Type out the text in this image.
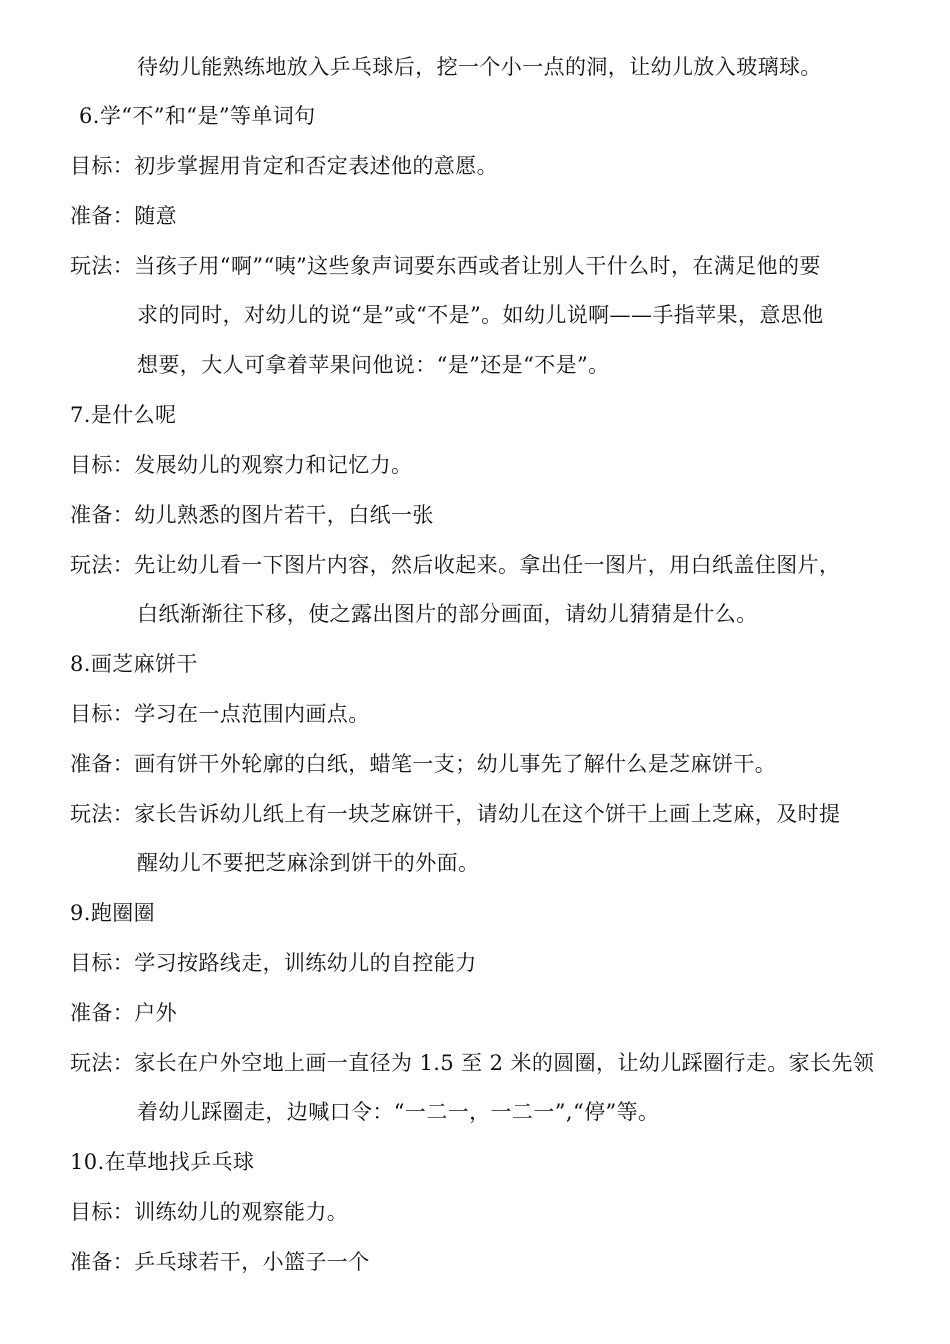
待幼儿能熟练地放入乒乓球后，挖一个小一点的洞，让幼儿放入玻璃球。
6.学“不”和“是”等单词句
目标：初步掌握用肯定和否定表述他的意愿。
准备：随意
玩法：当孩子用“啊”“咦”这些象声词要东西或者让别人干什么时，在满足他的要
求的同时，对幼儿的说“是”或“不是”。如幼儿说啊——手指苹果，意思他
想要，大人可拿着苹果问他说：“是”还是“不是”。
7.是什么呢
目标：发展幼儿的观察力和记忆力。
准备：幼儿熟悉的图片若干，白纸一张
玩法：先让幼儿看一下图片内容，然后收起来。拿出任一图片，用白纸盖住图片，
白纸渐渐往下移，使之露出图片的部分画面，请幼儿猜猜是什么。
8.画芝麻饼干
目标：学习在一点范围内画点。
准备：画有饼干外轮廓的白纸，蜡笔一支；幼儿事先了解什么是芝麻饼干。
玩法：家长告诉幼儿纸上有一块芝麻饼干，请幼儿在这个饼干上画上芝麻，及时提
醒幼儿不要把芝麻涂到饼干的外面。
9.跑圈圈
目标：学习按路线走，训练幼儿的自控能力
准备：户外
玩法：家长在户外空地上画一直径为 1.5 至 2 米的圆圈，让幼儿踩圈行走。家长先领
着幼儿踩圈走，边喊口令：“一二一，一二一”,“停”等。
10.在草地找乒乓球
目标：训练幼儿的观察能力。
准备：乒乓球若干，小篮子一个
